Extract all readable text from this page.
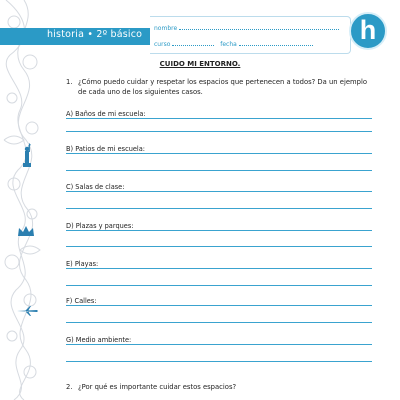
historia • 2º básico
nombre
curso	fecha	h
CUIDO MI ENTORNO.
1. ¿Cómo puedo cuidar y respetar los espacios que pertenecen a todos? Da un ejemplo de cada uno de los siguientes casos.
A) Baños de mi escuela:
B) Patios de mi escuela:
C) Salas de clase:
D) Plazas y parques:
E) Playas:
F) Calles:
G) Medio ambiente:
2. ¿Por qué es importante cuidar estos espacios?
